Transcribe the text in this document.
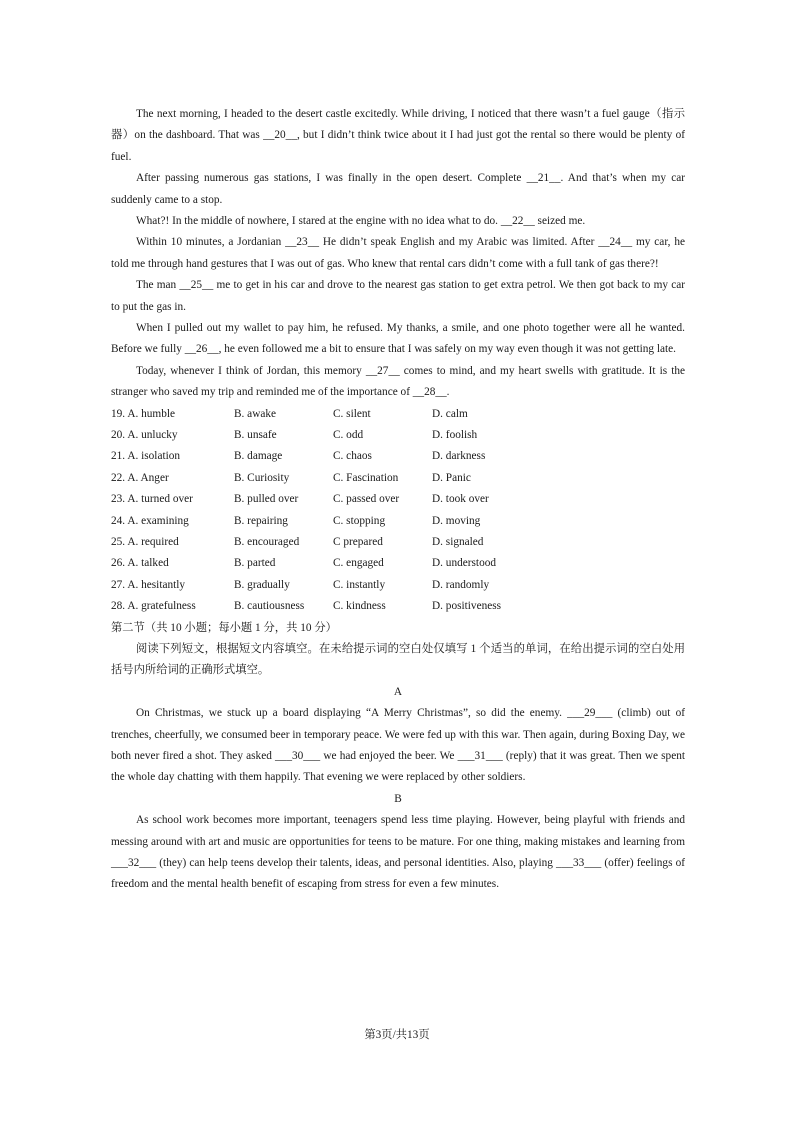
The next morning, I headed to the desert castle excitedly. While driving, I noticed that there wasn’t a fuel gauge（指示器）on the dashboard. That was __20__, but I didn’t think twice about it I had just got the rental so there would be plenty of fuel.

After passing numerous gas stations, I was finally in the open desert. Complete __21__. And that’s when my car suddenly came to a stop.

What?! In the middle of nowhere, I stared at the engine with no idea what to do. __22__ seized me.

Within 10 minutes, a Jordanian __23__ He didn’t speak English and my Arabic was limited. After __24__ my car, he told me through hand gestures that I was out of gas. Who knew that rental cars didn’t come with a full tank of gas there?!

The man __25__ me to get in his car and drove to the nearest gas station to get extra petrol. We then got back to my car to put the gas in.

When I pulled out my wallet to pay him, he refused. My thanks, a smile, and one photo together were all he wanted. Before we fully __26__, he even followed me a bit to ensure that I was safely on my way even though it was not getting late.

Today, whenever I think of Jordan, this memory __27__ comes to mind, and my heart swells with gratitude. It is the stranger who saved my trip and reminded me of the importance of __28__.

19. A. humble	B. awake	C. silent	D. calm
20. A. unlucky	B. unsafe	C. odd	D. foolish
21. A. isolation	B. damage	C. chaos	D. darkness
22. A. Anger	B. Curiosity	C. Fascination	D. Panic
23. A. turned over	B. pulled over	C. passed over	D. took over
24. A. examining	B. repairing	C. stopping	D. moving
25. A. required	B. encouraged	C prepared	D. signaled
26. A. talked	B. parted	C. engaged	D. understood
27. A. hesitantly	B. gradually	C. instantly	D. randomly
28. A. gratefulness	B. cautiousness	C. kindness	D. positiveness

第二节（共 10 小题；每小题 1 分，共 10 分）

阅读下列短文，根据短文内容填空。在未给提示词的空白处仅填写 1 个适当的单词，在给出提示词的空白处用括号内所给词的正确形式填空。

A

On Christmas, we stuck up a board displaying “A Merry Christmas”, so did the enemy. ___29___ (climb) out of trenches, cheerfully, we consumed beer in temporary peace. We were fed up with this war. Then again, during Boxing Day, we both never fired a shot. They asked ___30___ we had enjoyed the beer. We ___31___ (reply) that it was great. Then we spent the whole day chatting with them happily. That evening we were replaced by other soldiers.

B

As school work becomes more important, teenagers spend less time playing. However, being playful with friends and messing around with art and music are opportunities for teens to be mature. For one thing, making mistakes and learning from ___32___ (they) can help teens develop their talents, ideas, and personal identities. Also, playing ___33___ (offer) feelings of freedom and the mental health benefit of escaping from stress for even a few minutes.

第3页/共13页
